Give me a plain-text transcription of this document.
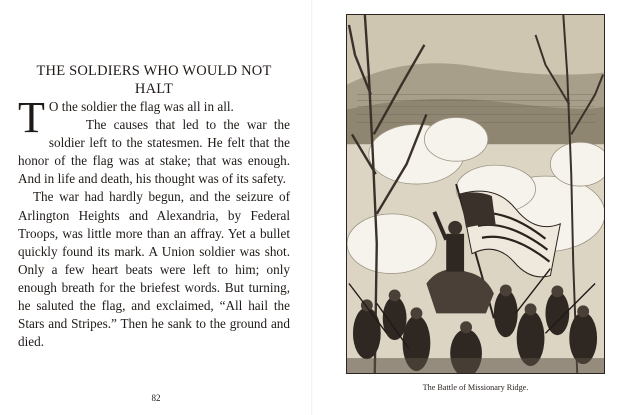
THE SOLDIERS WHO WOULD NOT
HALT

T O the soldier the flag was all in all.

The causes that led to the war the soldier left to the statesmen. He felt that the honor of the flag was at stake; that was enough. And in life and death, his thought was of its safety.

The war had hardly begun, and the seizure of Arlington Heights and Alexandria, by Federal Troops, was little more than an affray. Yet a bullet quickly found its mark. A Union soldier was shot. Only a few heart beats were left to him; only enough breath for the briefest words. But turning, he saluted the flag, and exclaimed, “All hail the Stars and Stripes.” Then he sank to the ground and died.

82

The Battle of Missionary Ridge.
